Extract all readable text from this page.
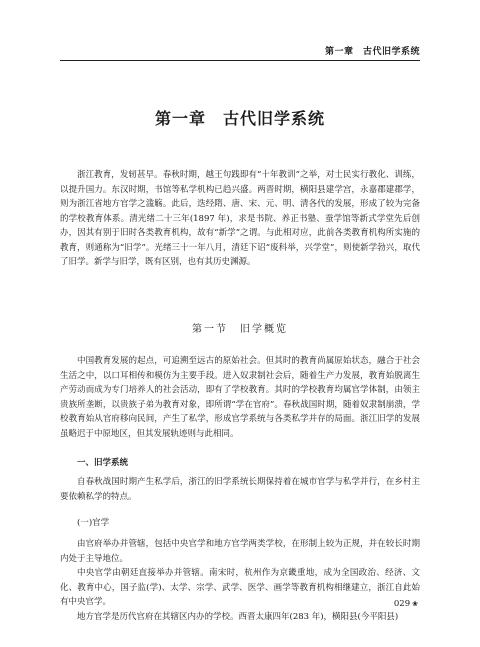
第一章　古代旧学系统
第一章　古代旧学系统

浙江教育，发轫甚早。春秋时期，越王句践即有“十年教训”之举，对士民实行教化、训练，以提升国力。东汉时期，书馆等私学机构已趋兴盛。两晋时期，横阳县建学宫，永嘉郡建郡学，则为浙江省地方官学之滥觞。此后，迭经隋、唐、宋、元、明、清各代的发展，形成了较为完备的学校教育体系。清光绪二十三年(1897 年)，求是书院、养正书塾、蚕学馆等新式学堂先后创办，因其有别于旧时各类教育机构，故有“新学”之谓。与此相对应，此前各类教育机构所实施的教育，则通称为“旧学”。光绪三十一年八月，清廷下诏“废科举，兴学堂”，则使新学勃兴，取代了旧学。新学与旧学，既有区别，也有其历史渊源。

第一节　旧学概览

中国教育发展的起点，可追溯至远古的原始社会。但其时的教育尚属原始状态，融合于社会生活之中，以口耳相传和模仿为主要手段。进入奴隶制社会后，随着生产力发展，教育始脱离生产劳动而成为专门培养人的社会活动，即有了学校教育。其时的学校教育均属官学体制，由领主贵族所垄断，以贵族子弟为教育对象，即所谓“学在官府”。春秋战国时期，随着奴隶制崩溃，学校教育始从官府移向民间，产生了私学，形成官学系统与各类私学并存的局面。浙江旧学的发展虽略迟于中原地区，但其发展轨迹则与此相同。

一、旧学系统

自春秋战国时期产生私学后，浙江的旧学系统长期保持着在城市官学与私学并行，在乡村主要依赖私学的特点。

(一)官学

由官府举办并管辖，包括中央官学和地方官学两类学校，在形制上较为正规，并在较长时期内处于主导地位。

中央官学由朝廷直接举办并管辖。南宋时，杭州作为京畿重地，成为全国政治、经济、文化、教育中心，国子监(学)、太学、宗学、武学、医学、画学等教育机构相继建立，浙江自此始有中央官学。

地方官学是历代官府在其辖区内办的学校。西晋太康四年(283 年)，横阳县(今平阳县)

029 ❀
